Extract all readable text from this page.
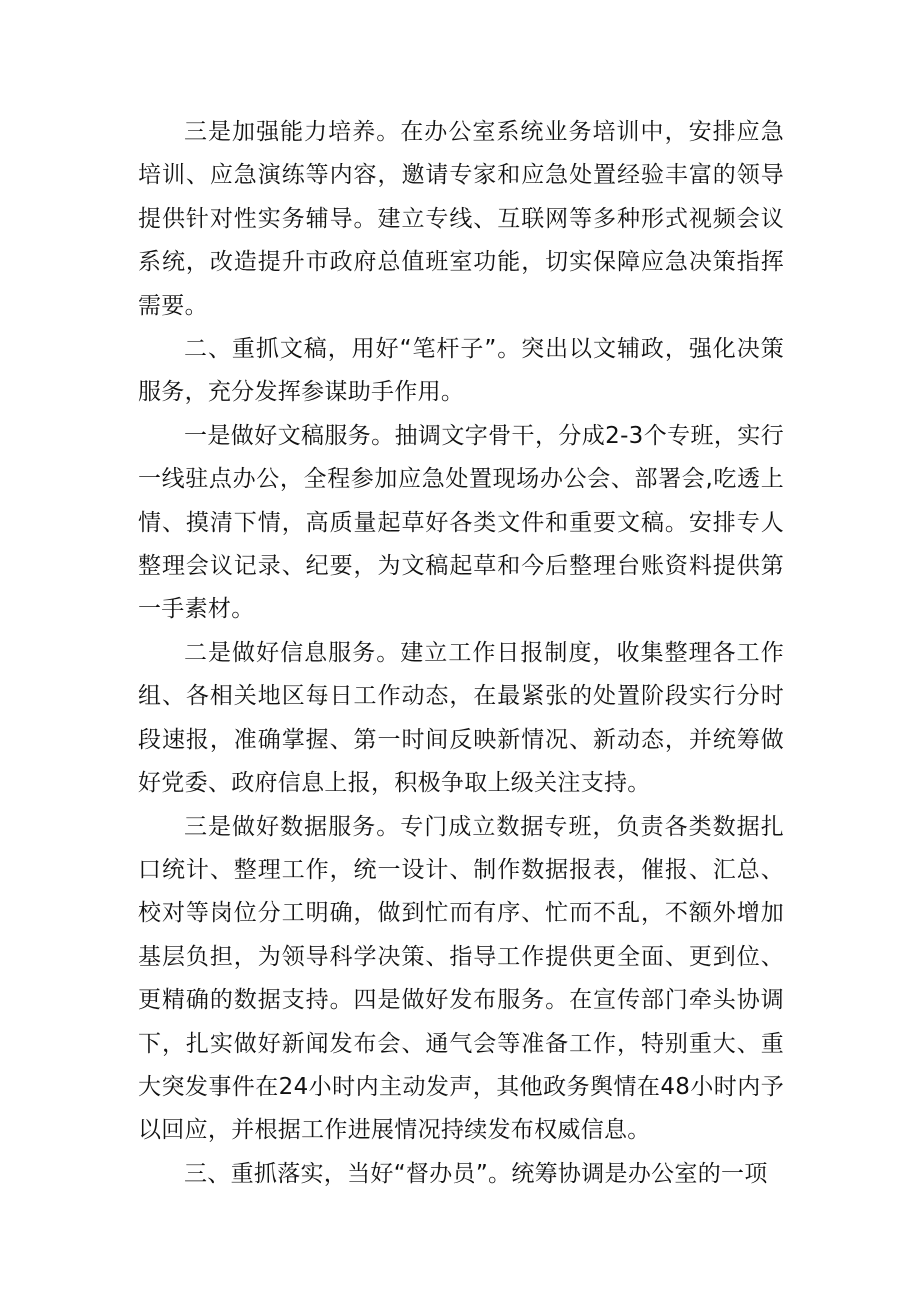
三是加强能力培养。在办公室系统业务培训中，安排应急培训、应急演练等内容，邀请专家和应急处置经验丰富的领导提供针对性实务辅导。建立专线、互联网等多种形式视频会议系统，改造提升市政府总值班室功能，切实保障应急决策指挥需要。

二、重抓文稿，用好“笔杆子”。突出以文辅政，强化决策服务，充分发挥参谋助手作用。

一是做好文稿服务。抽调文字骨干，分成2-3个专班，实行一线驻点办公，全程参加应急处置现场办公会、部署会,吃透上情、摸清下情，高质量起草好各类文件和重要文稿。安排专人整理会议记录、纪要，为文稿起草和今后整理台账资料提供第一手素材。

二是做好信息服务。建立工作日报制度，收集整理各工作组、各相关地区每日工作动态，在最紧张的处置阶段实行分时段速报，准确掌握、第一时间反映新情况、新动态，并统筹做好党委、政府信息上报，积极争取上级关注支持。

三是做好数据服务。专门成立数据专班，负责各类数据扎口统计、整理工作，统一设计、制作数据报表，催报、汇总、校对等岗位分工明确，做到忙而有序、忙而不乱，不额外增加基层负担，为领导科学决策、指导工作提供更全面、更到位、更精确的数据支持。四是做好发布服务。在宣传部门牵头协调下，扎实做好新闻发布会、通气会等准备工作，特别重大、重大突发事件在24小时内主动发声，其他政务舆情在48小时内予以回应，并根据工作进展情况持续发布权威信息。

三、重抓落实，当好“督办员”。统筹协调是办公室的一项
